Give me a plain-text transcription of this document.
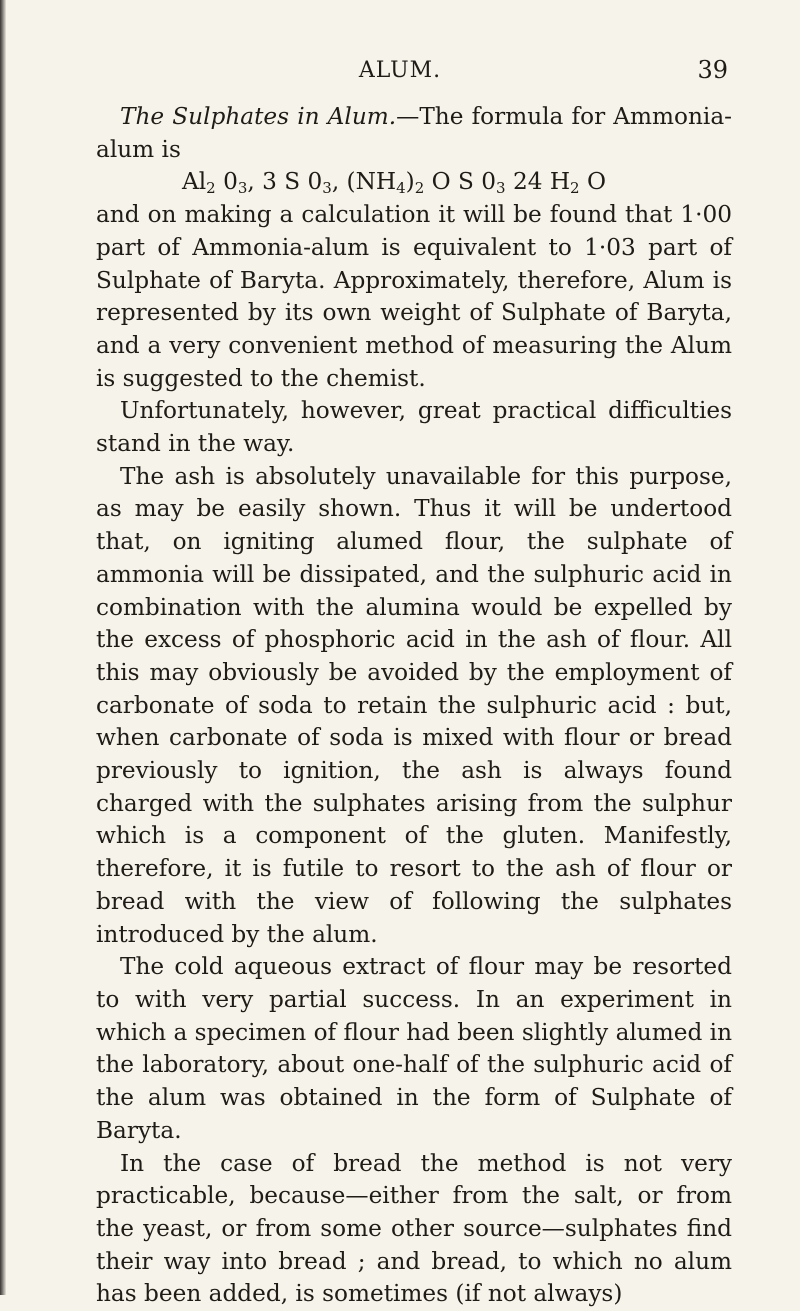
ALUM.	39

The Sulphates in Alum.—The formula for Ammonia-alum is

$Al_2$ $0_3$, 3 S $0_3$, $(NH_4)_2$ O S $0_3$ 24 $H_2$ O

and on making a calculation it will be found that 1·00 part of Ammonia-alum is equivalent to 1·03 part of Sulphate of Baryta. Approximately, therefore, Alum is represented by its own weight of Sulphate of Baryta, and a very convenient method of measuring the Alum is suggested to the chemist.

Unfortunately, however, great practical difficulties stand in the way.

The ash is absolutely unavailable for this purpose, as may be easily shown. Thus it will be undertood that, on igniting alumed flour, the sulphate of ammonia will be dissipated, and the sulphuric acid in combination with the alumina would be expelled by the excess of phosphoric acid in the ash of flour. All this may obviously be avoided by the employment of carbonate of soda to retain the sulphuric acid : but, when carbonate of soda is mixed with flour or bread previously to ignition, the ash is always found charged with the sulphates arising from the sulphur which is a component of the gluten. Manifestly, therefore, it is futile to resort to the ash of flour or bread with the view of following the sulphates introduced by the alum.

The cold aqueous extract of flour may be resorted to with very partial success. In an experiment in which a specimen of flour had been slightly alumed in the laboratory, about one-half of the sulphuric acid of the alum was obtained in the form of Sulphate of Baryta.

In the case of bread the method is not very practicable, because—either from the salt, or from the yeast, or from some other source—sulphates find their way into bread ; and bread, to which no alum has been added, is sometimes (if not always)
